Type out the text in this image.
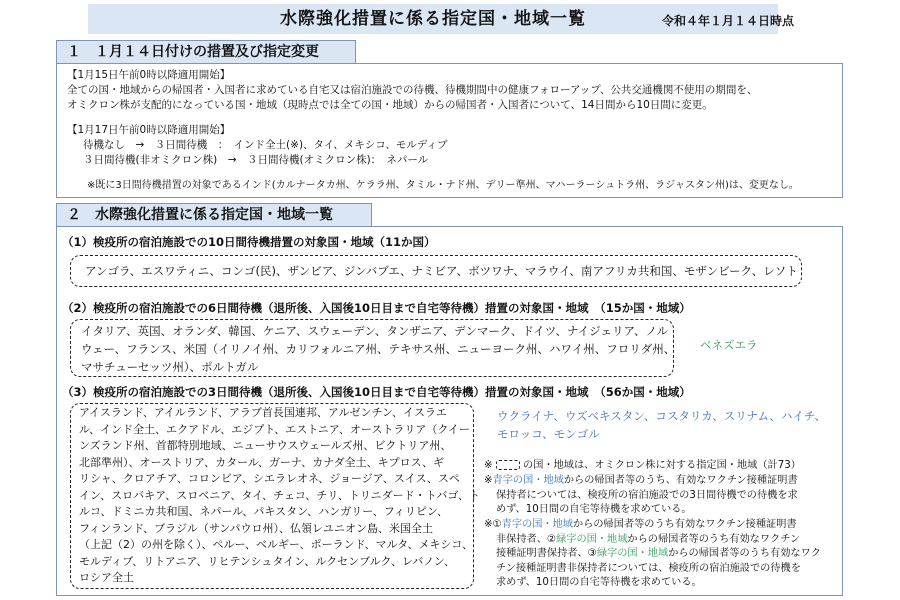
水際強化措置に係る指定国・地域一覧	令和４年１月１４日時点
１　１月１４日付けの措置及び指定変更
【1月15日午前0時以降適用開始】
全ての国・地域からの帰国者・入国者に求めている自宅又は宿泊施設での待機、待機期間中の健康フォローアップ、公共交通機関不使用の期間を、
オミクロン株が支配的になっている国・地域（現時点では全ての国・地域）からの帰国者・入国者について、14日間から10日間に変更。
【1月17日午前0時以降適用開始】
待機なし　→　３日間待機　：　インド全土(※)、タイ、メキシコ、モルディブ
３日間待機(非オミクロン株)　→　３日間待機(オミクロン株)：　ネパール
※既に3日間待機措置の対象であるインド(カルナータカ州、ケララ州、タミル・ナド州、デリー準州、マハーラーシュトラ州、ラジャスタン州)は、変更なし。
２　水際強化措置に係る指定国・地域一覧
（1）検疫所の宿泊施設での10日間待機措置の対象国・地域（11か国）
アンゴラ、エスワティニ、コンゴ(民)、ザンビア、ジンバブエ、ナミビア、ボツワナ、マラウイ、南アフリカ共和国、モザンビーク、レソト
（2）検疫所の宿泊施設での6日間待機（退所後、入国後10日目まで自宅等待機）措置の対象国・地域　（15か国・地域）
イタリア、英国、オランダ、韓国、ケニア、スウェーデン、タンザニア、デンマーク、ドイツ、ナイジェリア、ノル
ウェー、フランス、米国（イリノイ州、カリフォルニア州、テキサス州、ニューヨーク州、ハワイ州、フロリダ州、
マサチューセッツ州）、ポルトガル
ベネズエラ
（3）検疫所の宿泊施設での3日間待機（退所後、入国後10日目まで自宅等待機）措置の対象国・地域　（56か国・地域）
アイスランド、アイルランド、アラブ首長国連邦、アルゼンチン、イスラエ
ル、インド全土、エクアドル、エジプト、エストニア、オーストラリア（クイー
ンズランド州、首都特別地域、ニューサウスウェールズ州、ビクトリア州、
北部準州）、オーストリア、カタール、ガーナ、カナダ全土、キプロス、ギ
リシャ、クロアチア、コロンビア、シエラレオネ、ジョージア、スイス、スペ
イン、スロバキア、スロベニア、タイ、チェコ、チリ、トリニダード・トバゴ、ト
ルコ、ドミニカ共和国、ネパール、パキスタン、ハンガリー、フィリピン、
フィンランド、ブラジル（サンパウロ州）、仏領レユニオン島、米国全土
（上記（2）の州を除く）、ペルー、ベルギー、ポーランド、マルタ、メキシコ、
モルディブ、リトアニア、リヒテンシュタイン、ルクセンブルク、レバノン、
ロシア全土
ウクライナ、ウズベキスタン、コスタリカ、スリナム、ハイチ、
モロッコ、モンゴル
※	の国・地域は、オミクロン株に対する指定国・地域（計73）
※青字の国・地域からの帰国者等のうち、有効なワクチン接種証明書
保持者については、検疫所の宿泊施設での3日間待機での待機を求
めず、10日間の自宅等待機を求めている。
※①青字の国・地域からの帰国者等のうち有効なワクチン接種証明書
非保持者、②緑字の国・地域からの帰国者等のうち有効なワクチン
接種証明書保持者、③緑字の国・地域からの帰国者等のうち有効なワク
チン接種証明書非保持者については、検疫所の宿泊施設での待機を
求めず、10日間の自宅等待機を求めている。
